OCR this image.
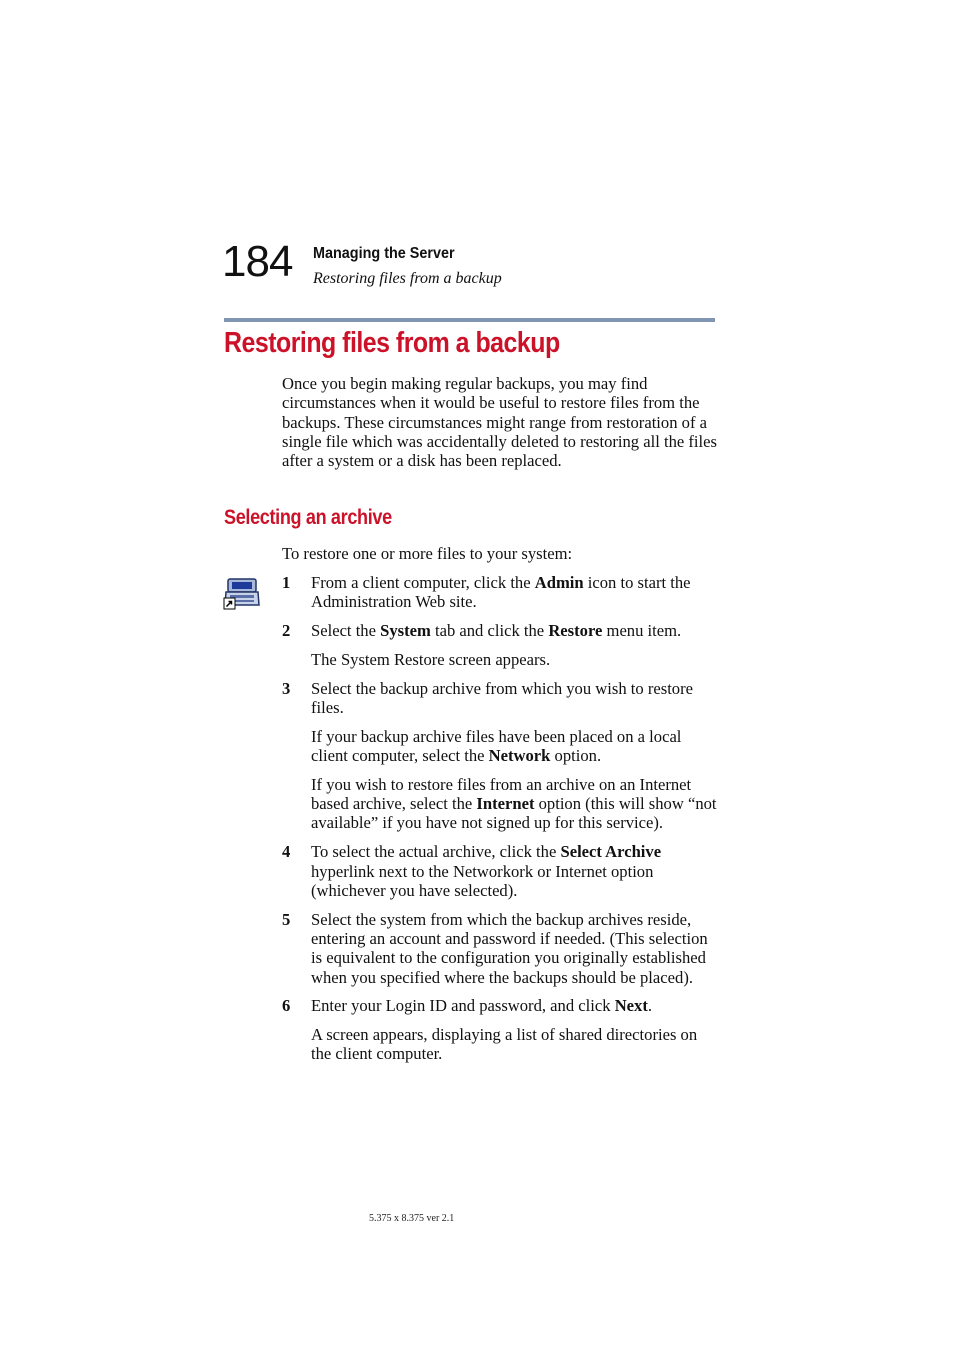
184 Managing the Server
Restoring files from a backup
Restoring files from a backup

Once you begin making regular backups, you may find circumstances when it would be useful to restore files from the backups. These circumstances might range from restoration of a single file which was accidentally deleted to restoring all the files after a system or a disk has been replaced.

Selecting an archive

To restore one or more files to your system:

1 From a client computer, click the Admin icon to start the Administration Web site.

2 Select the System tab and click the Restore menu item.

The System Restore screen appears.

3 Select the backup archive from which you wish to restore files.

If your backup archive files have been placed on a local client computer, select the Network option.

If you wish to restore files from an archive on an Internet based archive, select the Internet option (this will show “not available” if you have not signed up for this service).

4 To select the actual archive, click the Select Archive hyperlink next to the Networkork or Internet option (whichever you have selected).

5 Select the system from which the backup archives reside, entering an account and password if needed. (This selection is equivalent to the configuration you originally established when you specified where the backups should be placed).

6 Enter your Login ID and password, and click Next.

A screen appears, displaying a list of shared directories on the client computer.

5.375 x 8.375 ver 2.1
